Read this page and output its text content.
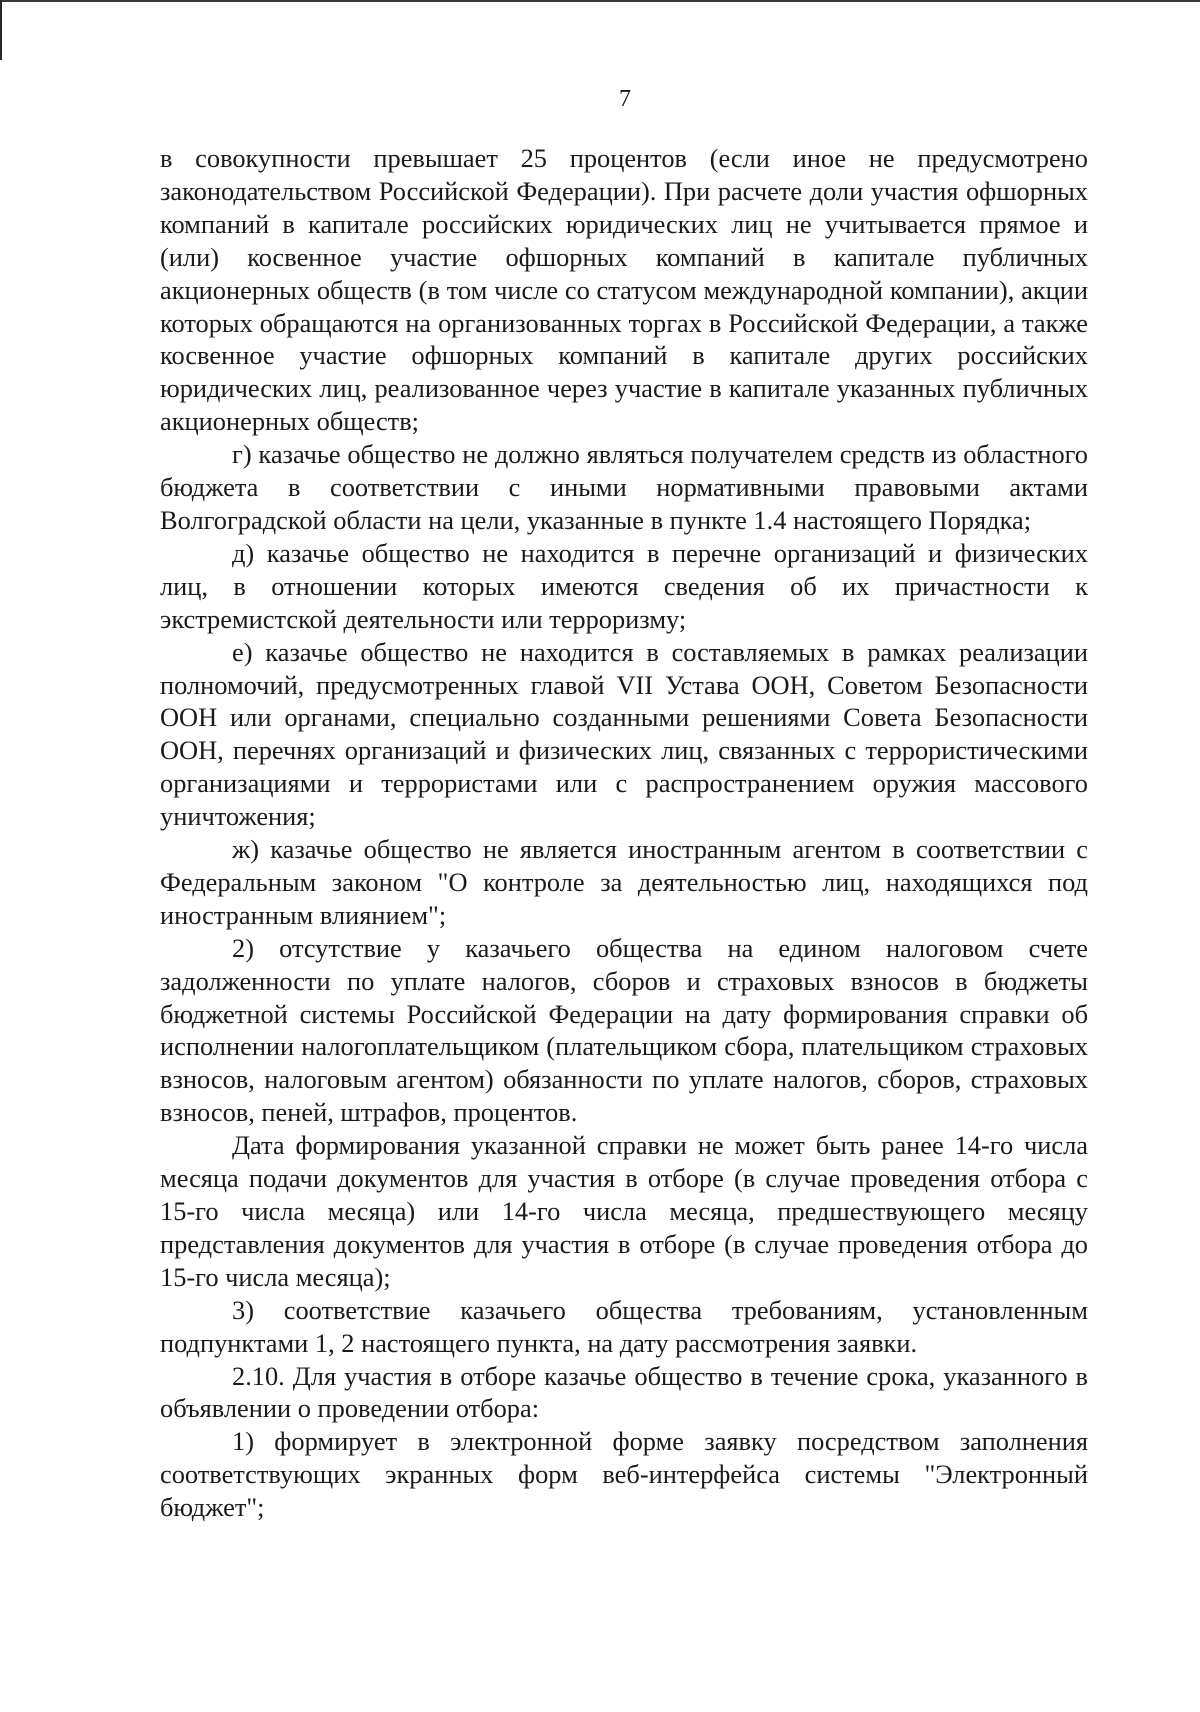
7

в совокупности превышает 25 процентов (если иное не предусмотрено законодательством Российской Федерации). При расчете доли участия офшорных компаний в капитале российских юридических лиц не учитывается прямое и (или) косвенное участие офшорных компаний в капитале публичных акционерных обществ (в том числе со статусом международной компании), акции которых обращаются на организованных торгах в Российской Федерации, а также косвенное участие офшорных компаний в капитале других российских юридических лиц, реализованное через участие в капитале указанных публичных акционерных обществ;

г) казачье общество не должно являться получателем средств из областного бюджета в соответствии с иными нормативными правовыми актами Волгоградской области на цели, указанные в пункте 1.4 настоящего Порядка;

д) казачье общество не находится в перечне организаций и физических лиц, в отношении которых имеются сведения об их причастности к экстремистской деятельности или терроризму;

е) казачье общество не находится в составляемых в рамках реализации полномочий, предусмотренных главой VII Устава ООН, Советом Безопасности ООН или органами, специально созданными решениями Совета Безопасности ООН, перечнях организаций и физических лиц, связанных с террористическими организациями и террористами или с распространением оружия массового уничтожения;

ж) казачье общество не является иностранным агентом в соответствии с Федеральным законом "О контроле за деятельностью лиц, находящихся под иностранным влиянием";

2) отсутствие у казачьего общества на едином налоговом счете задолженности по уплате налогов, сборов и страховых взносов в бюджеты бюджетной системы Российской Федерации на дату формирования справки об исполнении налогоплательщиком (плательщиком сбора, плательщиком страховых взносов, налоговым агентом) обязанности по уплате налогов, сборов, страховых взносов, пеней, штрафов, процентов.

Дата формирования указанной справки не может быть ранее 14-го числа месяца подачи документов для участия в отборе (в случае проведения отбора с 15-го числа месяца) или 14-го числа месяца, предшествующего месяцу представления документов для участия в отборе (в случае проведения отбора до 15-го числа месяца);

3) соответствие казачьего общества требованиям, установленным подпунктами 1, 2 настоящего пункта, на дату рассмотрения заявки.

2.10. Для участия в отборе казачье общество в течение срока, указанного в объявлении о проведении отбора:

1) формирует в электронной форме заявку посредством заполнения соответствующих экранных форм веб-интерфейса системы "Электронный бюджет";
